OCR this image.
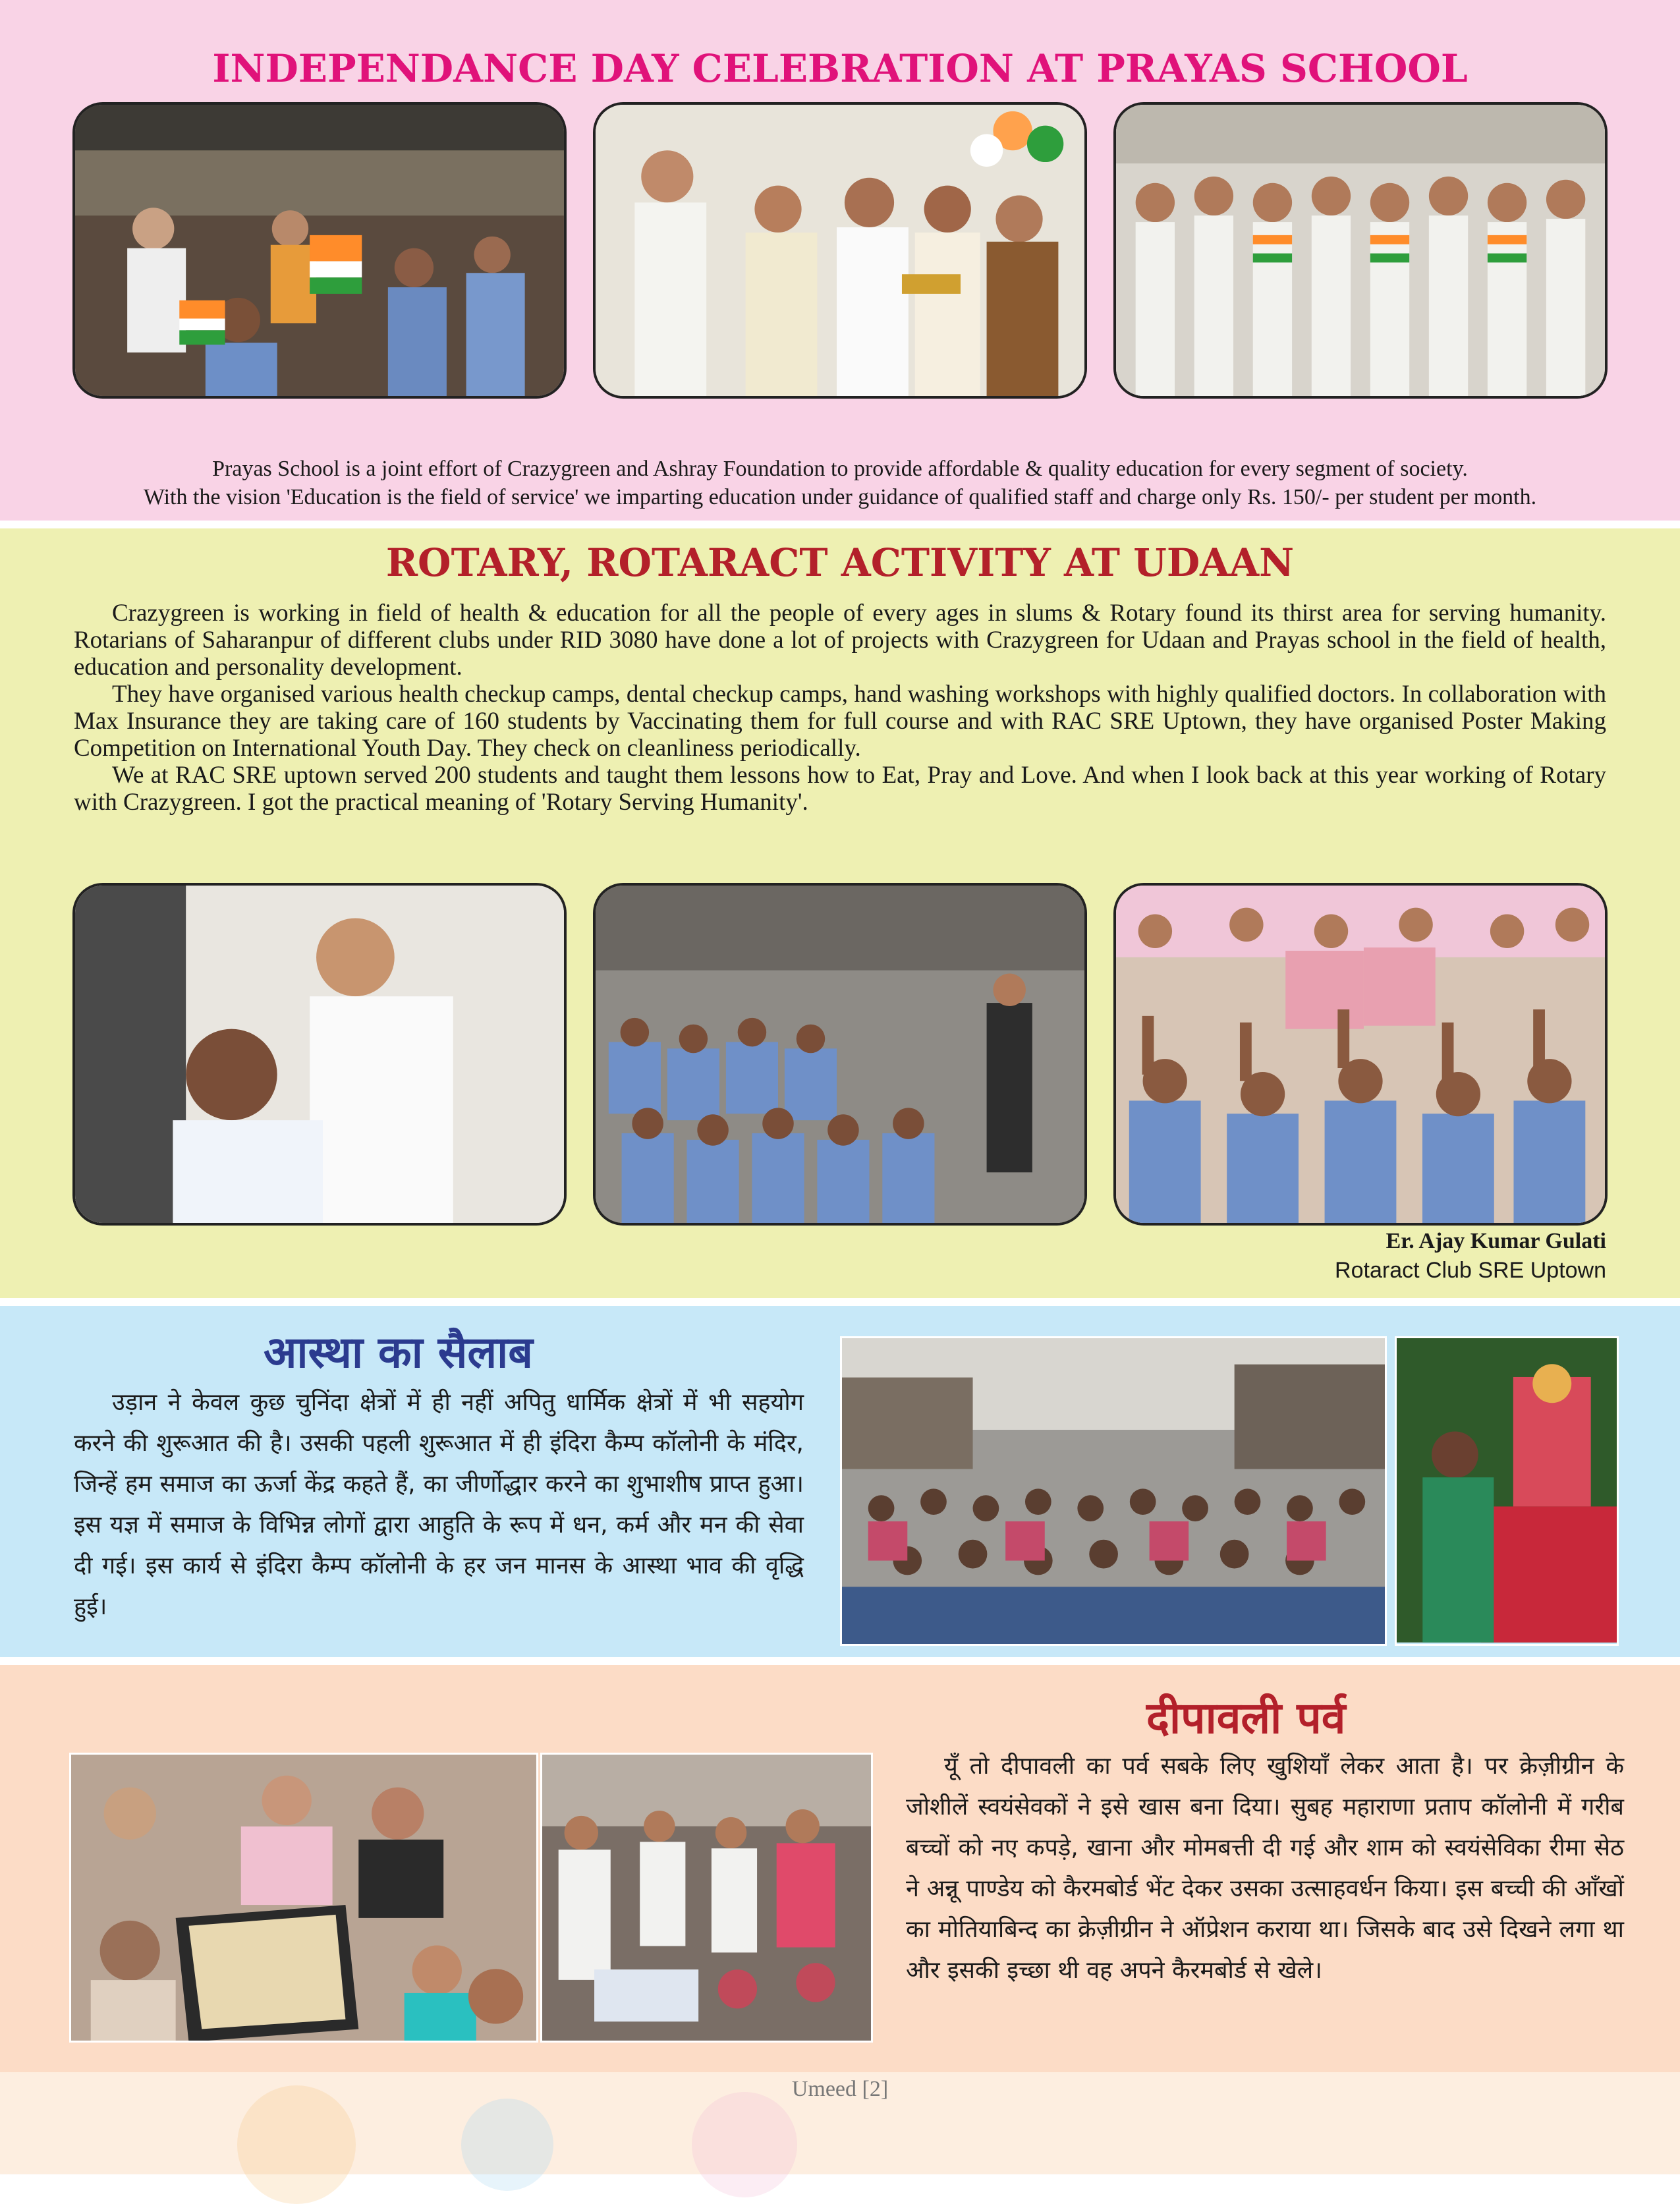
INDEPENDANCE DAY CELEBRATION AT PRAYAS SCHOOL
Prayas School is a joint effort of Crazygreen and Ashray Foundation to provide affordable & quality education for every segment of society.
With the vision 'Education is the field of service' we imparting education under guidance of qualified staff and charge only Rs. 150/- per student per month.
ROTARY, ROTARACT ACTIVITY AT UDAAN

Crazygreen is working in field of health & education for all the people of every ages in slums & Rotary found its thirst area for serving humanity. Rotarians of Saharanpur of different clubs under RID 3080 have done a lot of projects with Crazygreen for Udaan and Prayas school in the field of health, education and personality development.

They have organised various health checkup camps, dental checkup camps, hand washing workshops with highly qualified doctors. In collaboration with Max Insurance they are taking care of 160 students by Vaccinating them for full course and with RAC SRE Uptown, they have organised Poster Making Competition on International Youth Day. They check on cleanliness periodically.

We at RAC SRE uptown served 200 students and taught them lessons how to Eat, Pray and Love. And when I look back at this year working of Rotary with Crazygreen. I got the practical meaning of 'Rotary Serving Humanity'.

Er. Ajay Kumar Gulati
Rotaract Club SRE Uptown
आस्था का सैलाब

उड़ान ने केवल कुछ चुनिंदा क्षेत्रों में ही नहीं अपितु धार्मिक क्षेत्रों में भी सहयोग करने की शुरूआत की है। उसकी पहली शुरूआत में ही इंदिरा कैम्प कॉलोनी के मंदिर, जिन्हें हम समाज का ऊर्जा केंद्र कहते हैं, का जीर्णोद्धार करने का शुभाशीष प्राप्त हुआ। इस यज्ञ में समाज के विभिन्न लोगों द्वारा आहुति के रूप में धन, कर्म और मन की सेवा दी गई। इस कार्य से इंदिरा कैम्प कॉलोनी के हर जन मानस के आस्था भाव की वृद्धि हुई।

दीपावली पर्व

यूँ तो दीपावली का पर्व सबके लिए खुशियाँ लेकर आता है। पर क्रेज़ीग्रीन के जोशीलें स्वयंसेवकों ने इसे खास बना दिया। सुबह महाराणा प्रताप कॉलोनी में गरीब बच्चों को नए कपड़े, खाना और मोमबत्ती दी गई और शाम को स्वयंसेविका रीमा सेठ ने अन्नू पाण्डेय को कैरमबोर्ड भेंट देकर उसका उत्साहवर्धन किया। इस बच्ची की आँखों का मोतियाबिन्द का क्रेज़ीग्रीन ने ऑप्रेशन कराया था। जिसके बाद उसे दिखने लगा था और इसकी इच्छा थी वह अपने कैरमबोर्ड से खेले।

Umeed [2]
